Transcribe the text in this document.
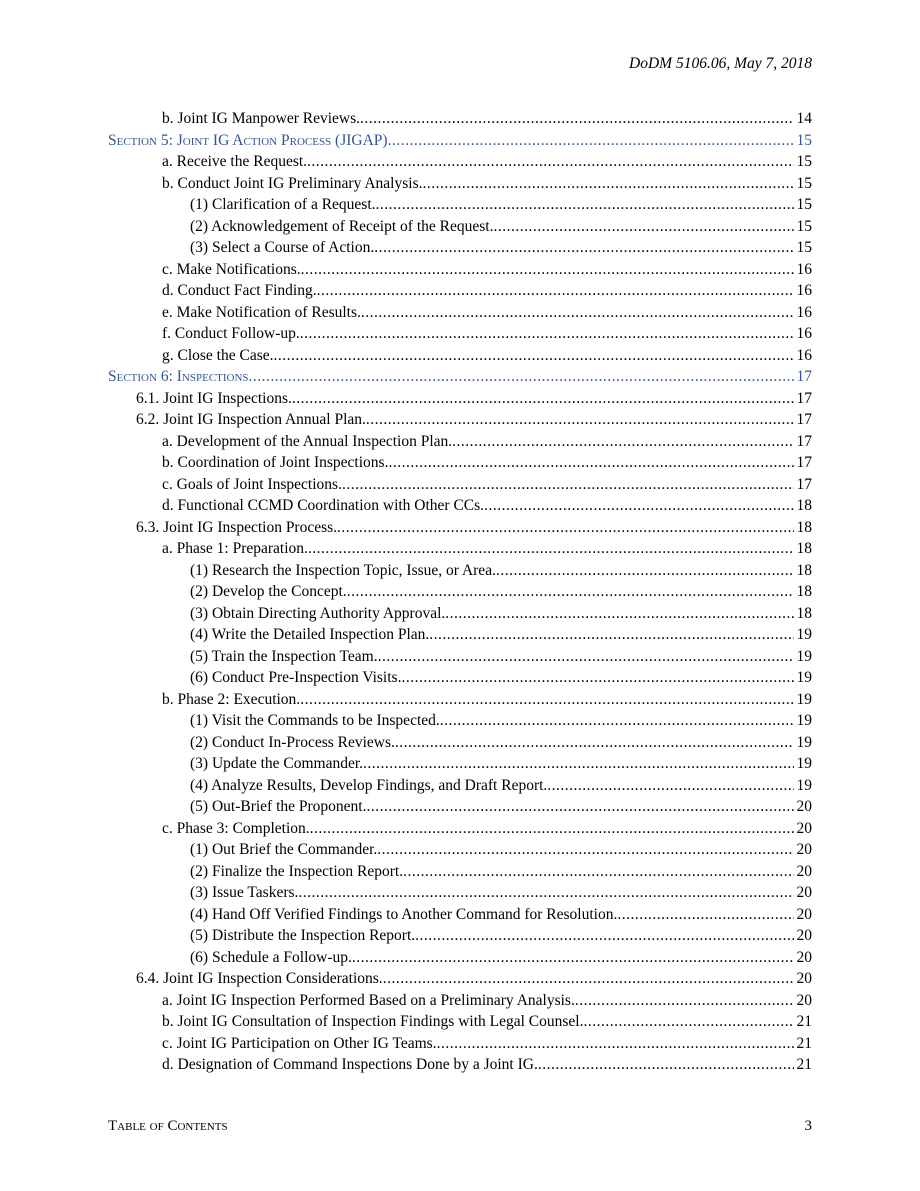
DoDM 5106.06, May 7, 2018
b. Joint IG Manpower Reviews. .....	14
Section 5: Joint IG Action Process (JIGAP) .....	15
a. Receive the Request. .....	15
b. Conduct Joint IG Preliminary Analysis. .....	15
(1) Clarification of a Request. .....	15
(2) Acknowledgement of Receipt of the Request. .....	15
(3) Select a Course of Action. .....	15
c. Make Notifications. .....	16
d. Conduct Fact Finding. .....	16
e. Make Notification of Results. .....	16
f. Conduct Follow-up. .....	16
g. Close the Case. .....	16
Section 6: Inspections .....	17
6.1. Joint IG Inspections. .....	17
6.2. Joint IG Inspection Annual Plan. .....	17
a. Development of the Annual Inspection Plan. .....	17
b. Coordination of Joint Inspections. .....	17
c. Goals of Joint Inspections. .....	17
d. Functional CCMD Coordination with Other CCs. .....	18
6.3. Joint IG Inspection Process. .....	18
a. Phase 1: Preparation. .....	18
(1) Research the Inspection Topic, Issue, or Area. .....	18
(2) Develop the Concept. .....	18
(3) Obtain Directing Authority Approval. .....	18
(4) Write the Detailed Inspection Plan. .....	19
(5) Train the Inspection Team. .....	19
(6) Conduct Pre-Inspection Visits. .....	19
b. Phase 2: Execution. .....	19
(1) Visit the Commands to be Inspected. .....	19
(2) Conduct In-Process Reviews. .....	19
(3) Update the Commander. .....	19
(4) Analyze Results, Develop Findings, and Draft Report. .....	19
(5) Out-Brief the Proponent. .....	20
c. Phase 3: Completion. .....	20
(1) Out Brief the Commander. .....	20
(2) Finalize the Inspection Report. .....	20
(3) Issue Taskers. .....	20
(4) Hand Off Verified Findings to Another Command for Resolution. .....	20
(5) Distribute the Inspection Report. .....	20
(6) Schedule a Follow-up. .....	20
6.4. Joint IG Inspection Considerations. .....	20
a. Joint IG Inspection Performed Based on a Preliminary Analysis. .....	20
b. Joint IG Consultation of Inspection Findings with Legal Counsel. .....	21
c. Joint IG Participation on Other IG Teams. .....	21
d. Designation of Command Inspections Done by a Joint IG. .....	21
Table of Contents	3
